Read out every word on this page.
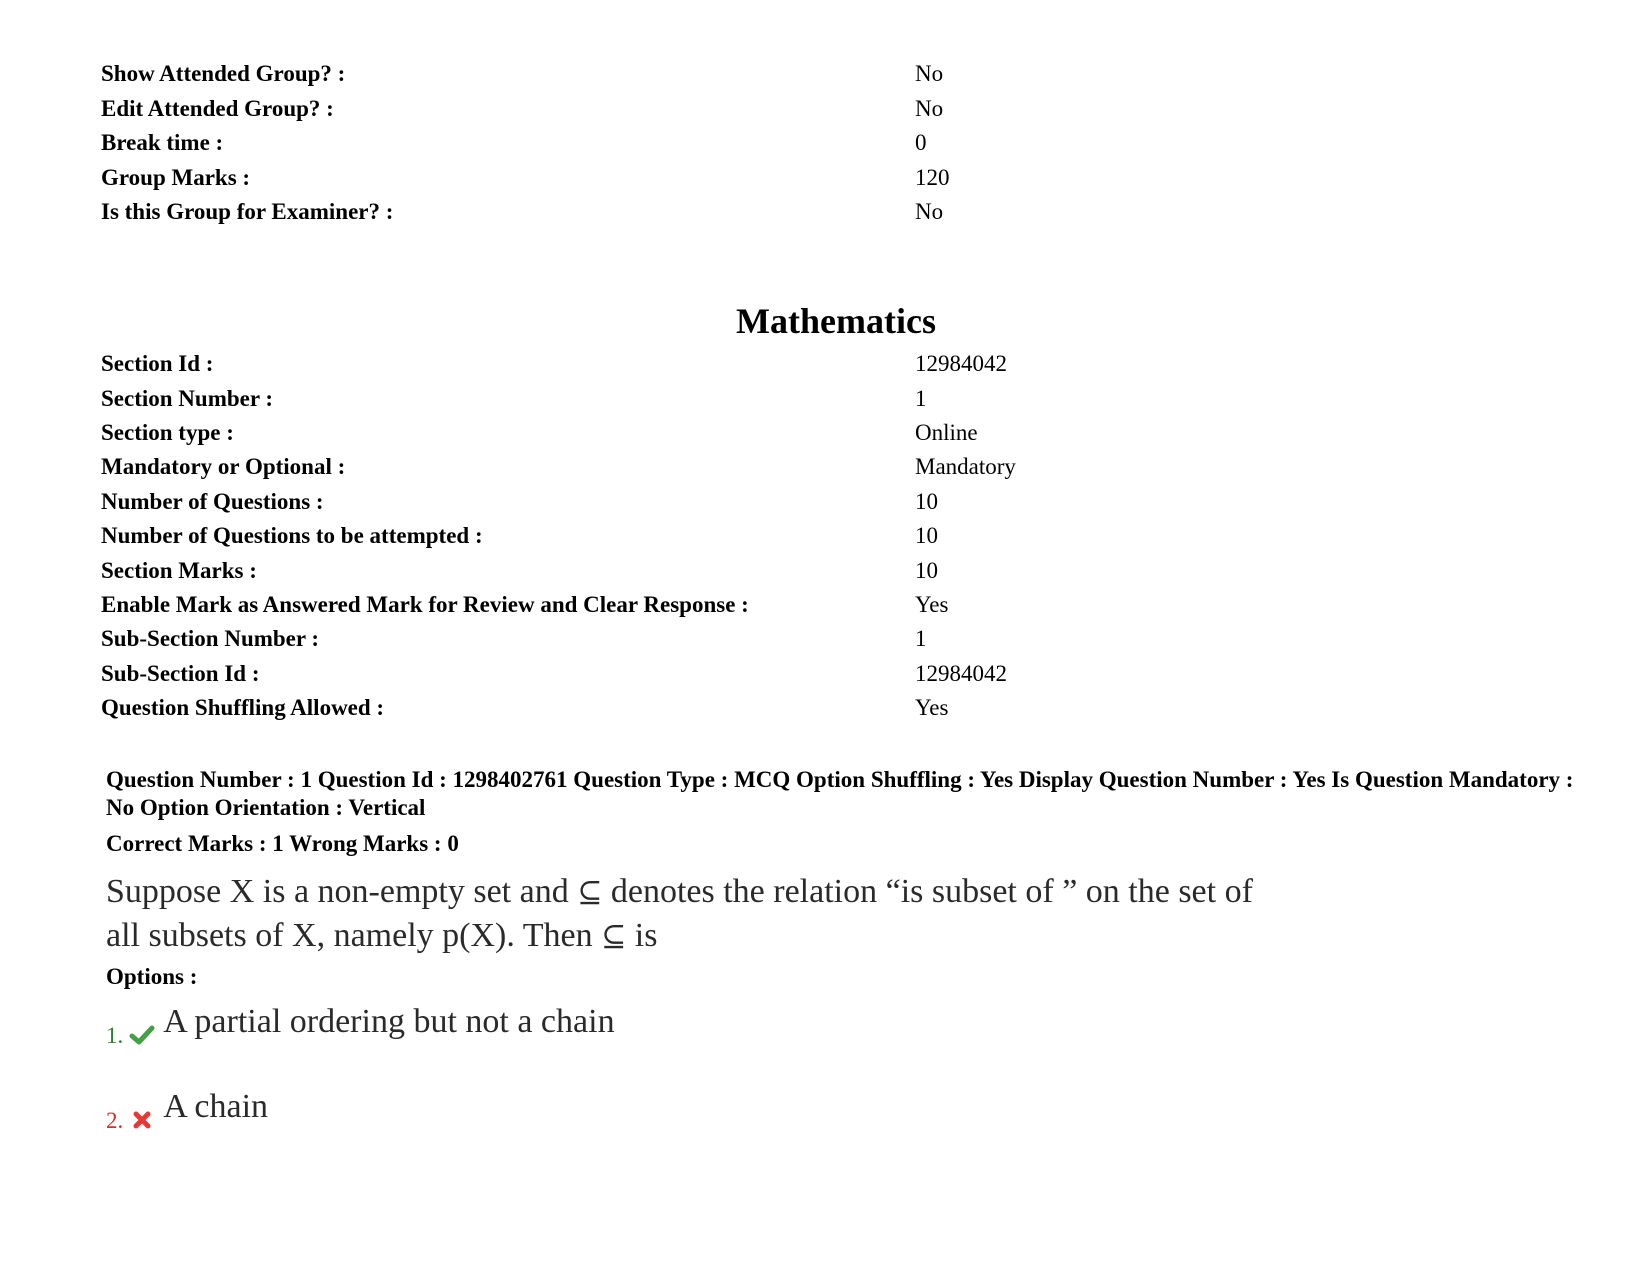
Show Attended Group? :	No
Edit Attended Group? :	No
Break time :	0
Group Marks :	120
Is this Group for Examiner? :	No
Mathematics
Section Id :	12984042
Section Number :	1
Section type :	Online
Mandatory or Optional :	Mandatory
Number of Questions :	10
Number of Questions to be attempted :	10
Section Marks :	10
Enable Mark as Answered Mark for Review and Clear Response :	Yes
Sub-Section Number :	1
Sub-Section Id :	12984042
Question Shuffling Allowed :	Yes
Question Number : 1 Question Id : 1298402761 Question Type : MCQ Option Shuffling : Yes Display Question Number : Yes Is Question Mandatory : No Option Orientation : Vertical
Correct Marks : 1 Wrong Marks : 0
Suppose X is a non-empty set and ⊆ denotes the relation “is subset of ” on the set of all subsets of X, namely p(X). Then ⊆ is
Options :
1. A partial ordering but not a chain
2. A chain
